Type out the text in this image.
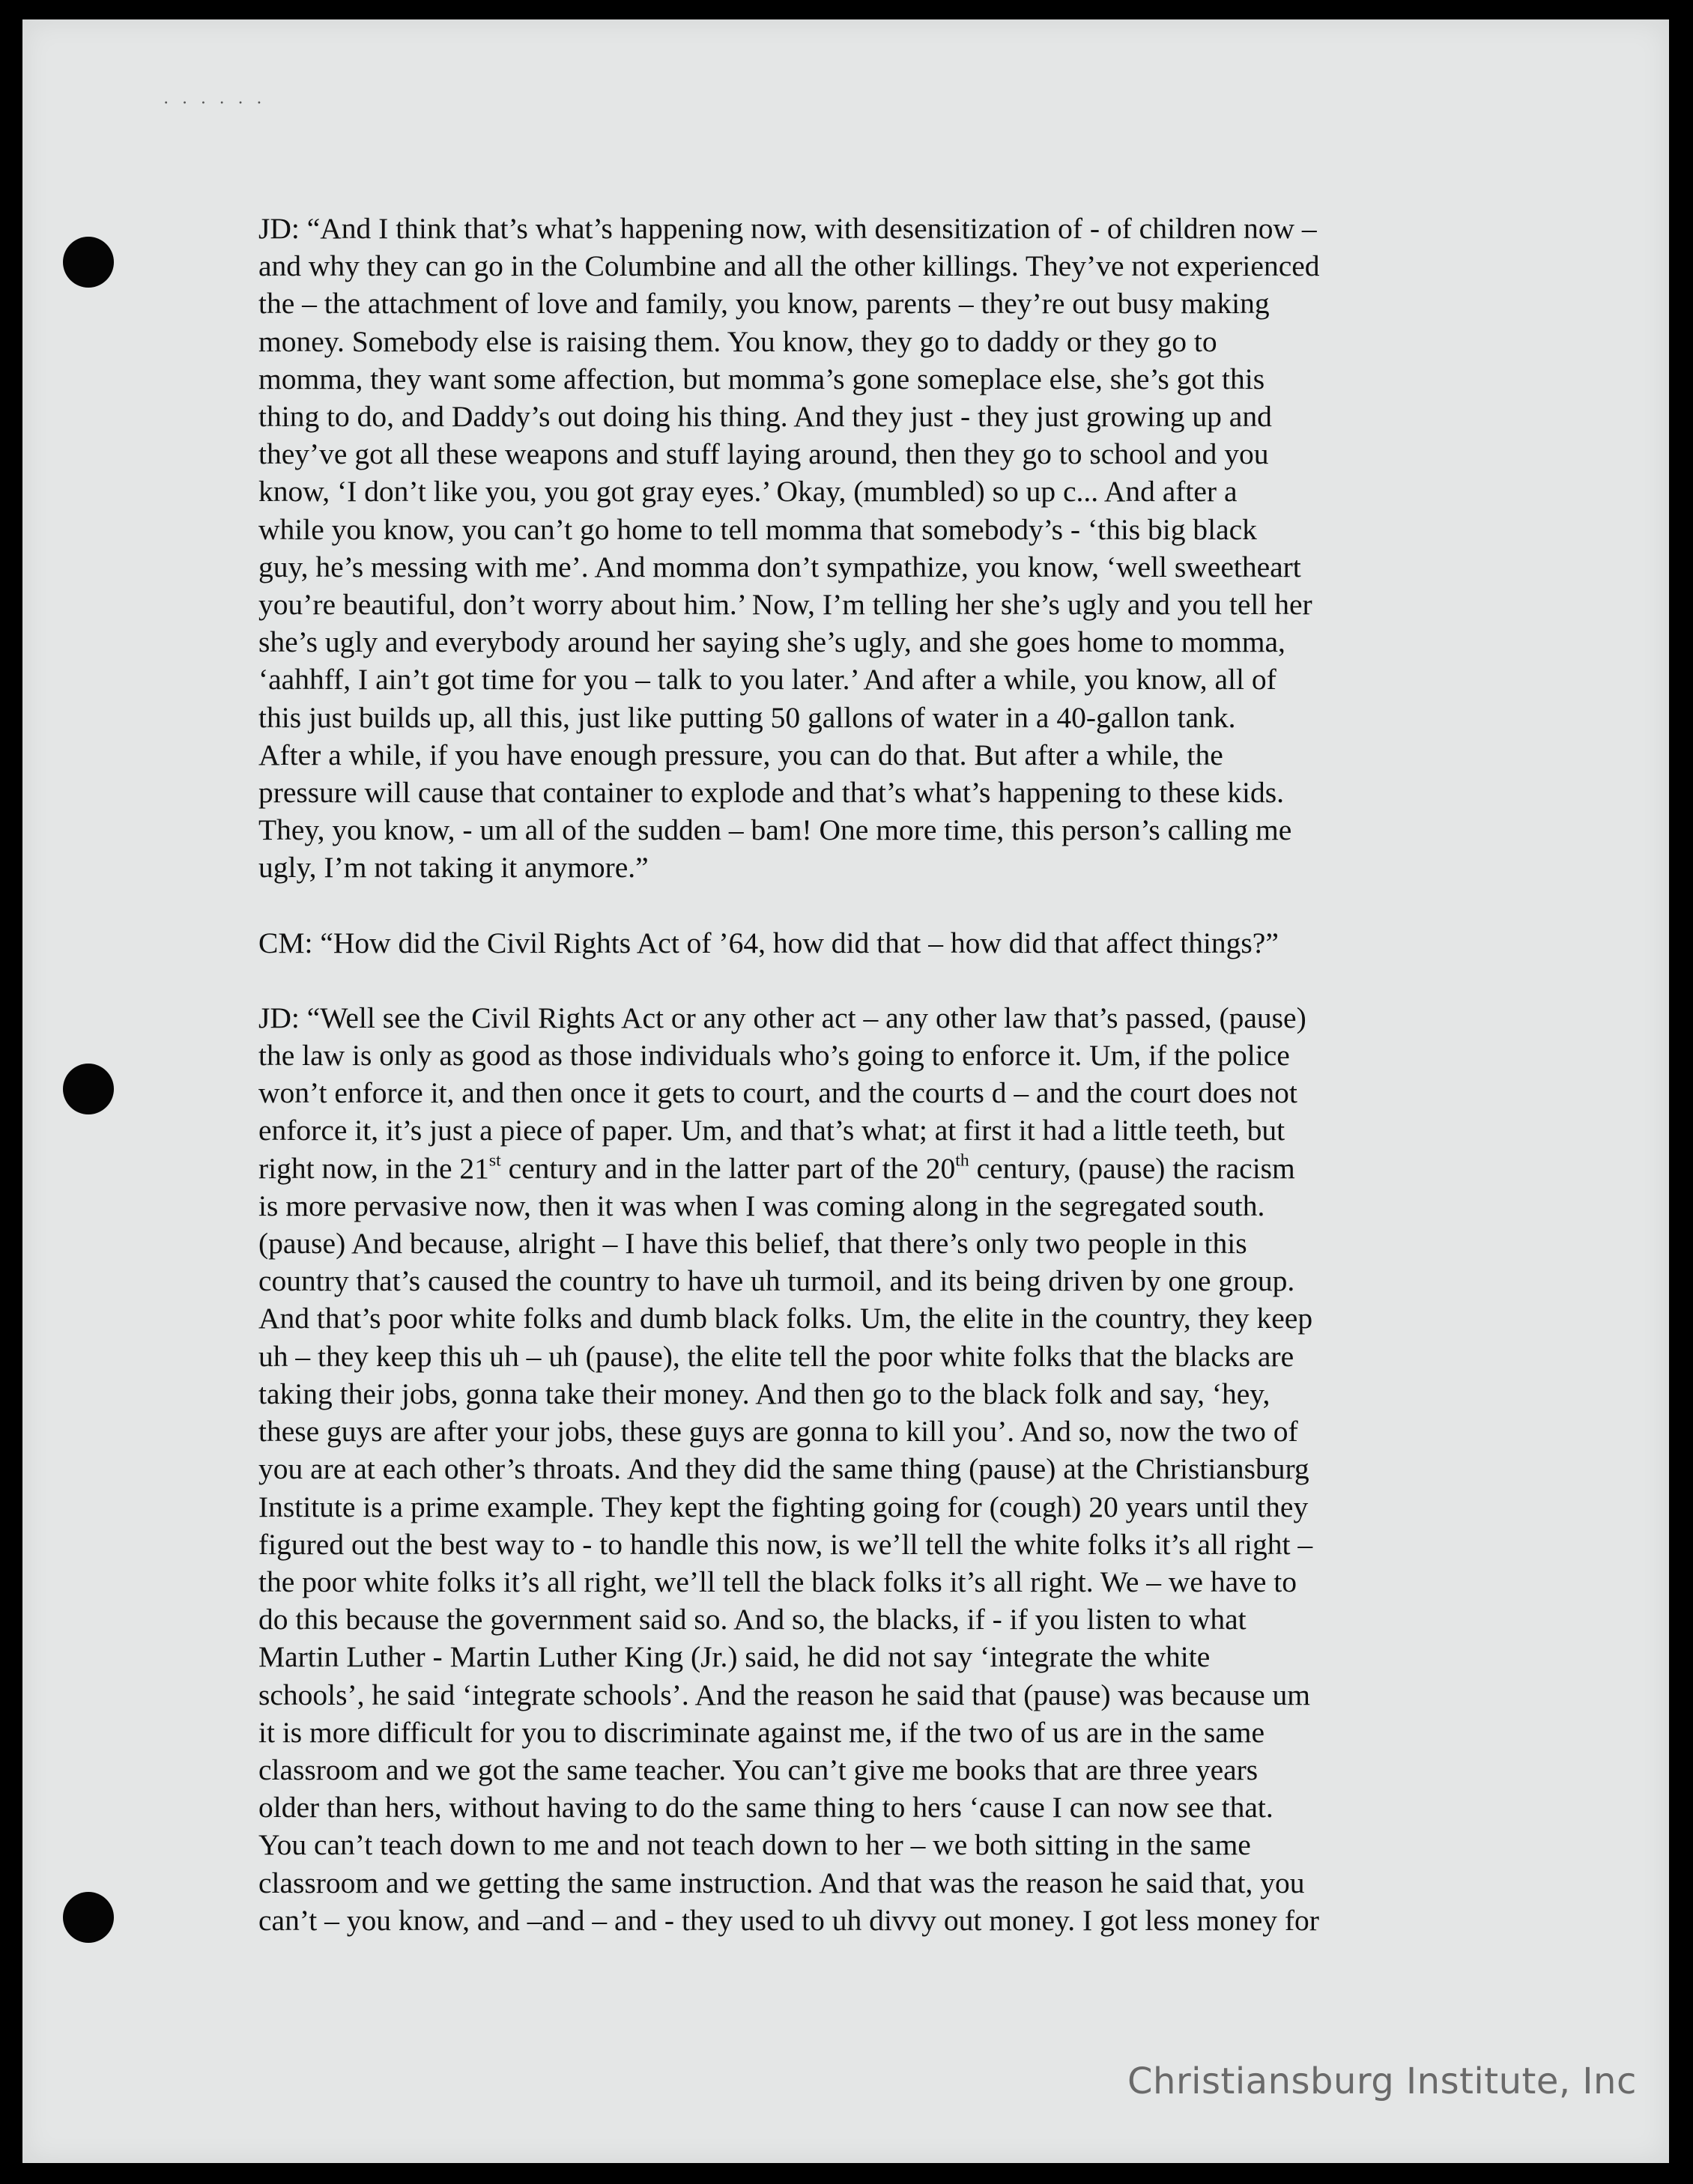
․ ․ ․ ․ ․ ․
JD: “And I think that’s what’s happening now, with desensitization of - of children now –
and why they can go in the Columbine and all the other killings. They’ve not experienced
the – the attachment of love and family, you know, parents – they’re out busy making
money. Somebody else is raising them. You know, they go to daddy or they go to
momma, they want some affection, but momma’s gone someplace else, she’s got this
thing to do, and Daddy’s out doing his thing. And they just - they just growing up and
they’ve got all these weapons and stuff laying around, then they go to school and you
know, ‘I don’t like you, you got gray eyes.’ Okay, (mumbled) so up c... And after a
while you know, you can’t go home to tell momma that somebody’s - ‘this big black
guy, he’s messing with me’. And momma don’t sympathize, you know, ‘well sweetheart
you’re beautiful, don’t worry about him.’ Now, I’m telling her she’s ugly and you tell her
she’s ugly and everybody around her saying she’s ugly, and she goes home to momma,
‘aahhff, I ain’t got time for you – talk to you later.’ And after a while, you know, all of
this just builds up, all this, just like putting 50 gallons of water in a 40-gallon tank.
After a while, if you have enough pressure, you can do that. But after a while, the
pressure will cause that container to explode and that’s what’s happening to these kids.
They, you know, - um all of the sudden – bam! One more time, this person’s calling me
ugly, I’m not taking it anymore.”
CM: “How did the Civil Rights Act of ’64, how did that – how did that affect things?”
JD: “Well see the Civil Rights Act or any other act – any other law that’s passed, (pause)
the law is only as good as those individuals who’s going to enforce it. Um, if the police
won’t enforce it, and then once it gets to court, and the courts d – and the court does not
enforce it, it’s just a piece of paper. Um, and that’s what; at first it had a little teeth, but
right now, in the 21st century and in the latter part of the 20th century, (pause) the racism
is more pervasive now, then it was when I was coming along in the segregated south.
(pause) And because, alright – I have this belief, that there’s only two people in this
country that’s caused the country to have uh turmoil, and its being driven by one group.
And that’s poor white folks and dumb black folks. Um, the elite in the country, they keep
uh – they keep this uh – uh (pause), the elite tell the poor white folks that the blacks are
taking their jobs, gonna take their money. And then go to the black folk and say, ‘hey,
these guys are after your jobs, these guys are gonna to kill you’. And so, now the two of
you are at each other’s throats. And they did the same thing (pause) at the Christiansburg
Institute is a prime example. They kept the fighting going for (cough) 20 years until they
figured out the best way to - to handle this now, is we’ll tell the white folks it’s all right –
the poor white folks it’s all right, we’ll tell the black folks it’s all right. We – we have to
do this because the government said so. And so, the blacks, if - if you listen to what
Martin Luther - Martin Luther King (Jr.) said, he did not say ‘integrate the white
schools’, he said ‘integrate schools’. And the reason he said that (pause) was because um
it is more difficult for you to discriminate against me, if the two of us are in the same
classroom and we got the same teacher. You can’t give me books that are three years
older than hers, without having to do the same thing to hers ‘cause I can now see that.
You can’t teach down to me and not teach down to her – we both sitting in the same
classroom and we getting the same instruction. And that was the reason he said that, you
can’t – you know, and –and – and - they used to uh divvy out money. I got less money for
Christiansburg Institute, Inc
